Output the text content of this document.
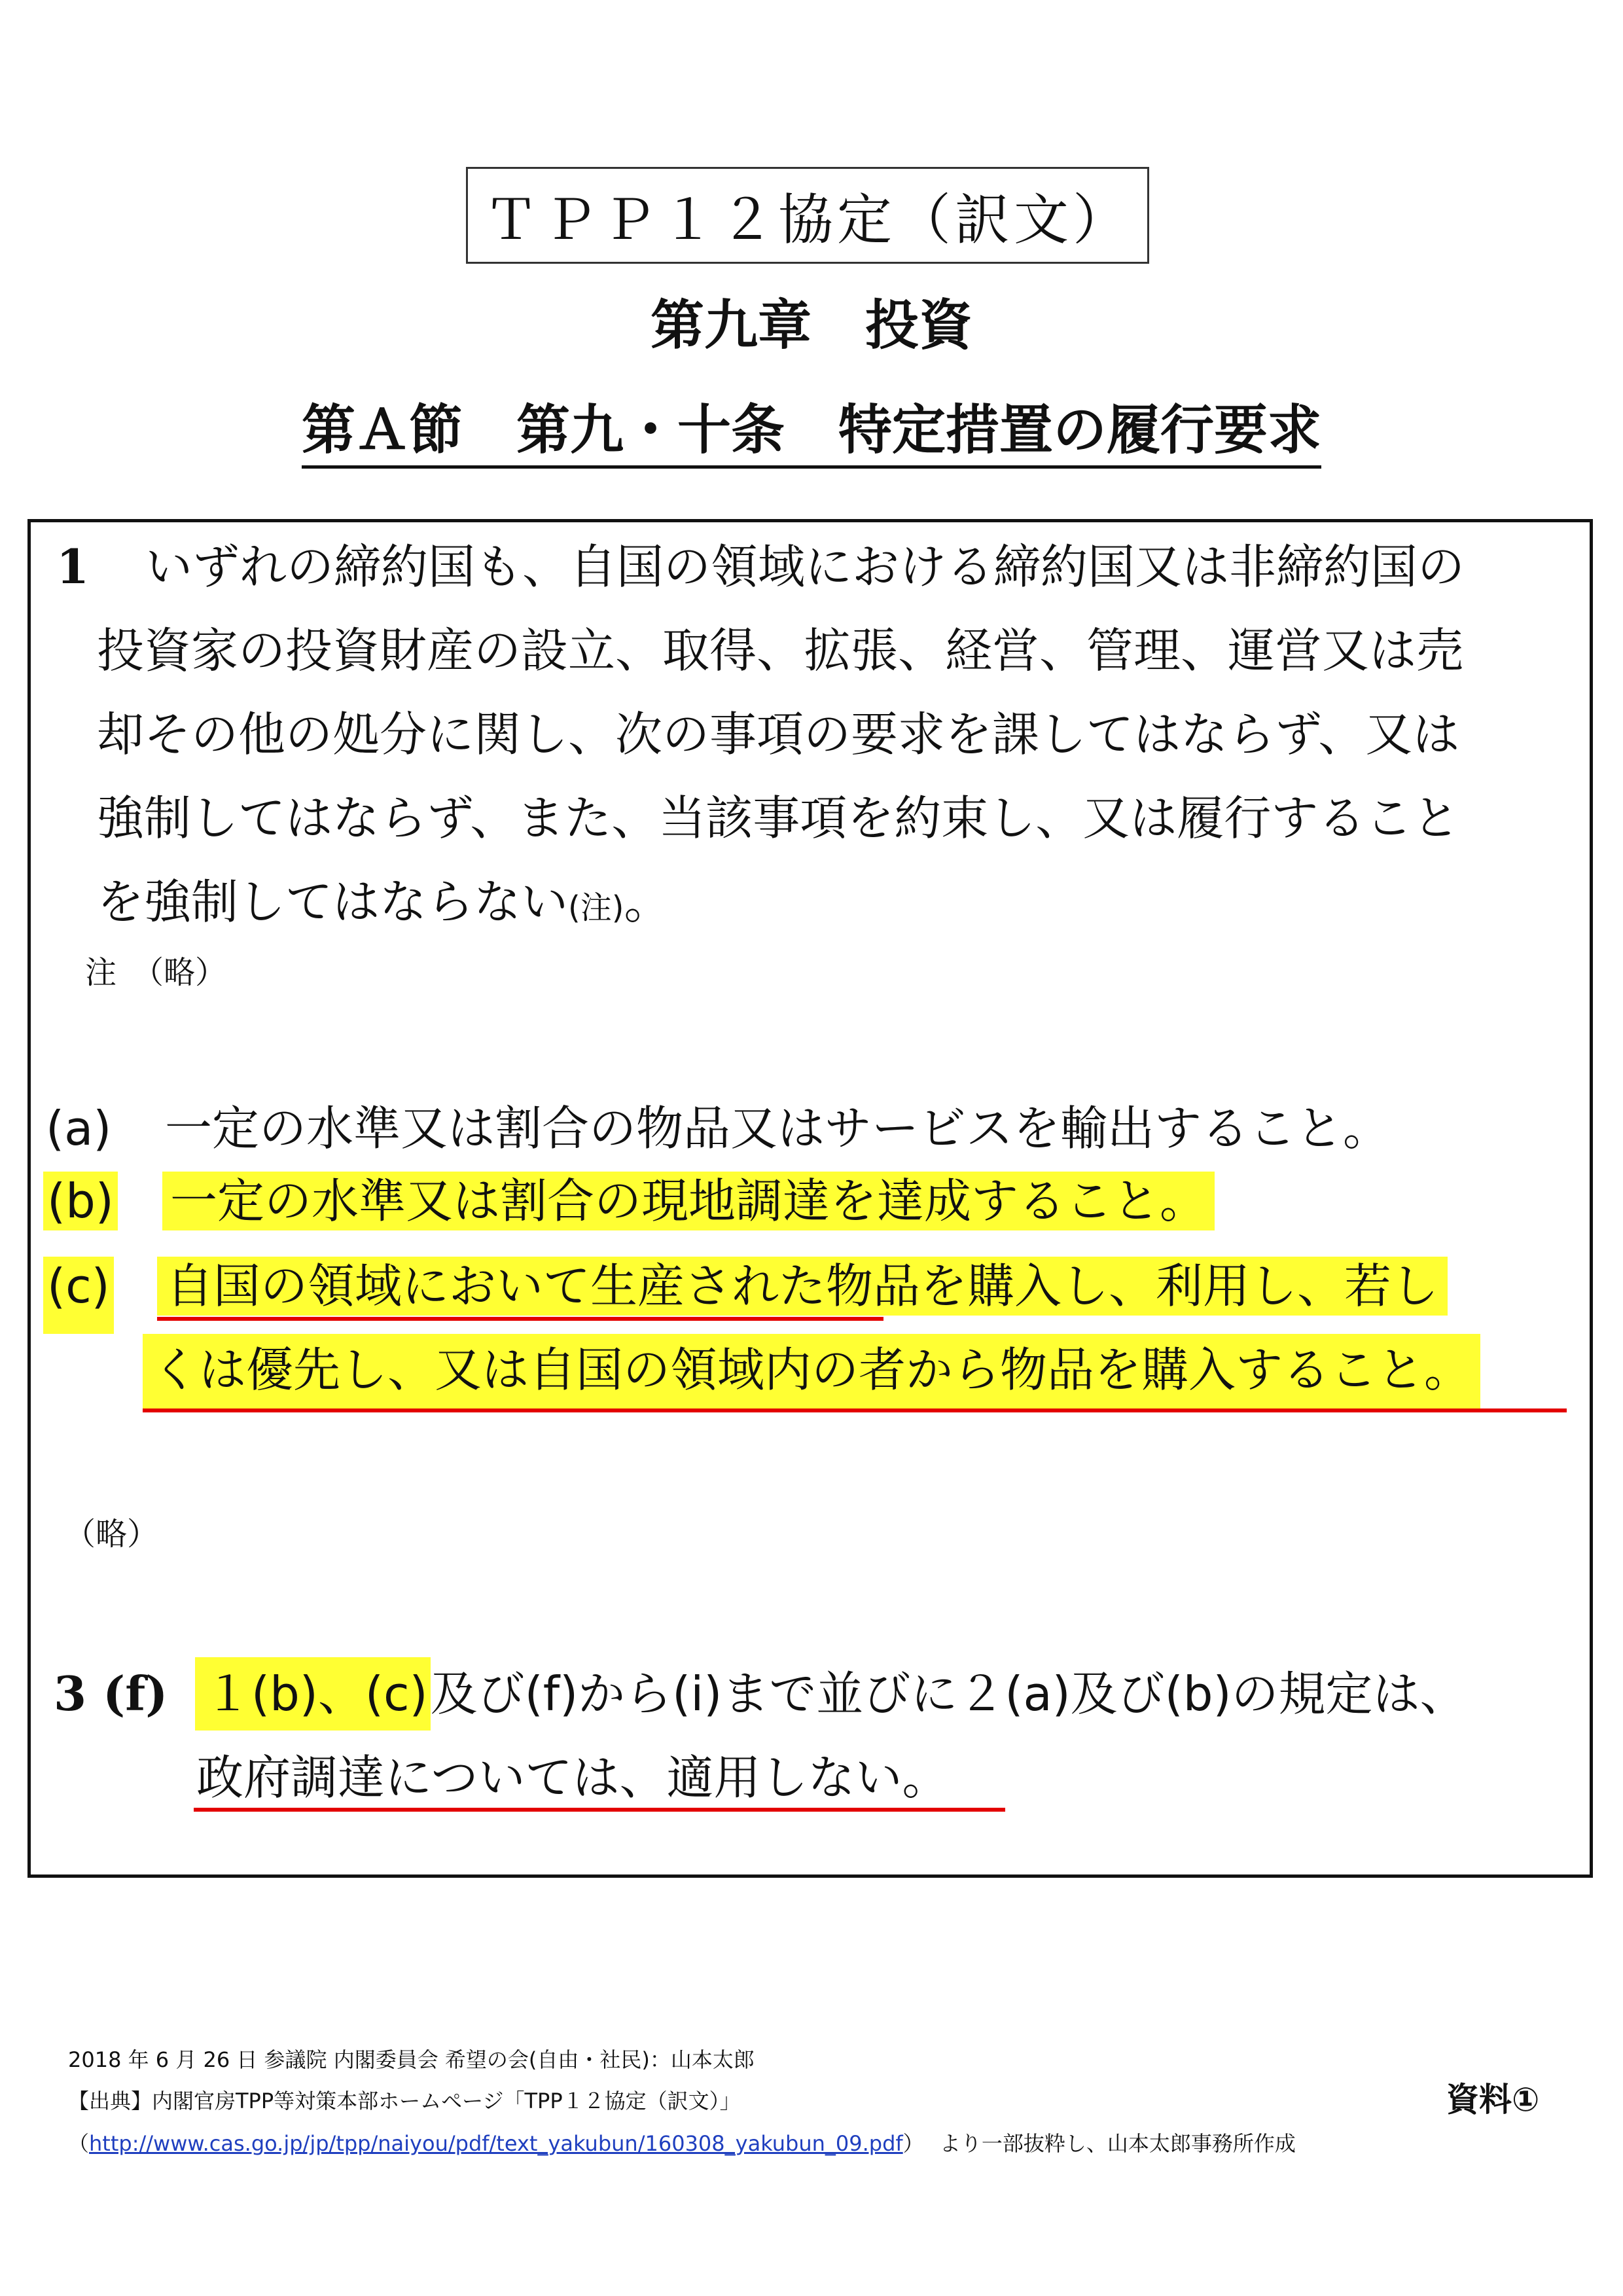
ＴＰＰ１２協定（訳文）
第九章　投資
第Ａ節　第九・十条　特定措置の履行要求
1 いずれの締約国も、自国の領域における締約国又は非締約国の
投資家の投資財産の設立、取得、拡張、経営、管理、運営又は売
却その他の処分に関し、次の事項の要求を課してはならず、又は
強制してはならず、また、当該事項を約束し、又は履行すること
を強制してはならない(注)。
注　（略）
(a) 一定の水準又は割合の物品又はサービスを輸出すること。
(b) 一定の水準又は割合の現地調達を達成すること。
(c) 自国の領域において生産された物品を購入し、利用し、若し
くは優先し、又は自国の領域内の者から物品を購入すること。
（略）
3 (f) １(b)、(c)及び(f)から(i)まで並びに２(a)及び(b)の規定は、
政府調達については、適用しない。
2018 年 6 月 26 日 参議院 内閣委員会 希望の会(自由・社民)：山本太郎
【出典】内閣官房TPP等対策本部ホームページ「TPP１２協定（訳文）」
（http://www.cas.go.jp/jp/tpp/naiyou/pdf/text_yakubun/160308_yakubun_09.pdf） より一部抜粋し、山本太郎事務所作成
資料①
